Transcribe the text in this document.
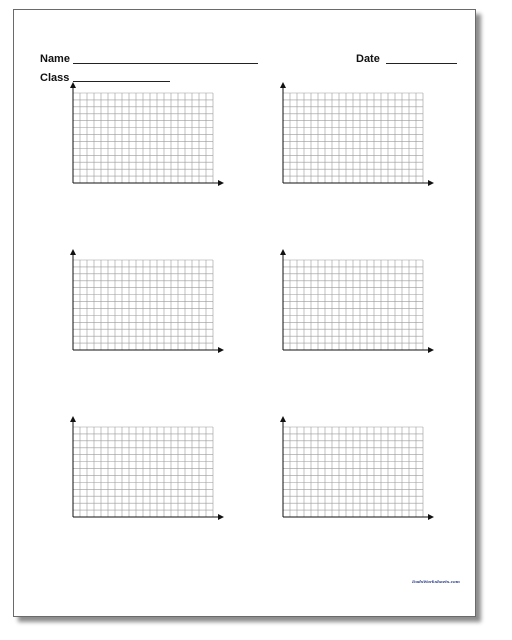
Name	Date
Class
DadsWorksheets.com
